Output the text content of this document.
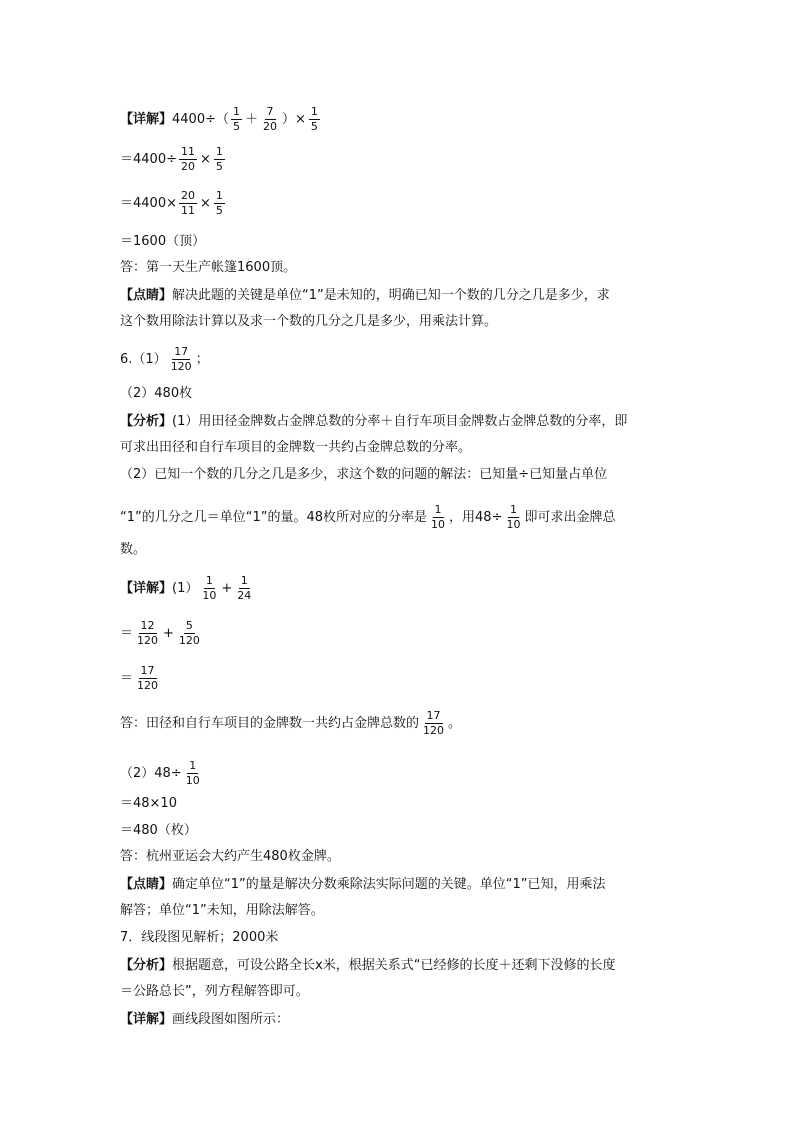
【详解】 $4400\div( \frac{1}{5} + \frac{7}{20}$ ）× $\frac{1}{5}$
$=4400\div \frac{11}{20} \times \frac{1}{5}$
$=4400\times \frac{20}{11} \times \frac{1}{5}$
＝1600（顶）
答：第一天生产帐篷1600顶。
【点睛】 解决此题的关键是单位“1”是未知的，明确已知一个数的几分之几是多少，求
这个数用除法计算以及求一个数的几分之几是多少，用乘法计算。
$6.(1) \frac{17}{120}$ ；
（2）480枚
【分析】 (1）用田径金牌数占金牌总数的分率＋自行车项目金牌数占金牌总数的分率，即
可求出田径和自行车项目的金牌数一共约占金牌总数的分率。
（2）已知一个数的几分之几是多少，求这个数的问题的解法：已知量÷已知量占单位
“1”的几分之几＝单位“1”的量。48枚所对应的分率是 $\frac{1}{10}$ ，用$48\div \frac{1}{10}$ 即可求出金牌总
数。
【详解】 $(1) \frac{1}{10} + \frac{1}{24}$
＝ $\frac{12}{120} + \frac{5}{120}$
＝ $\frac{17}{120}$
答：田径和自行车项目的金牌数一共约占金牌总数的 $\frac{17}{120}$ 。
$(2)48\div \frac{1}{10}$
＝48×10
＝480（枚）
答：杭州亚运会大约产生480枚金牌。
【点睛】 确定单位“1”的量是解决分数乘除法实际问题的关键。单位“1”已知，用乘法
解答；单位“1”未知，用除法解答。
7．线段图见解析；2000米
【分析】 根据题意，可设公路全长x米，根据关系式“已经修的长度＋还剩下没修的长度
＝公路总长”，列方程解答即可。
【详解】 画线段图如图所示：
